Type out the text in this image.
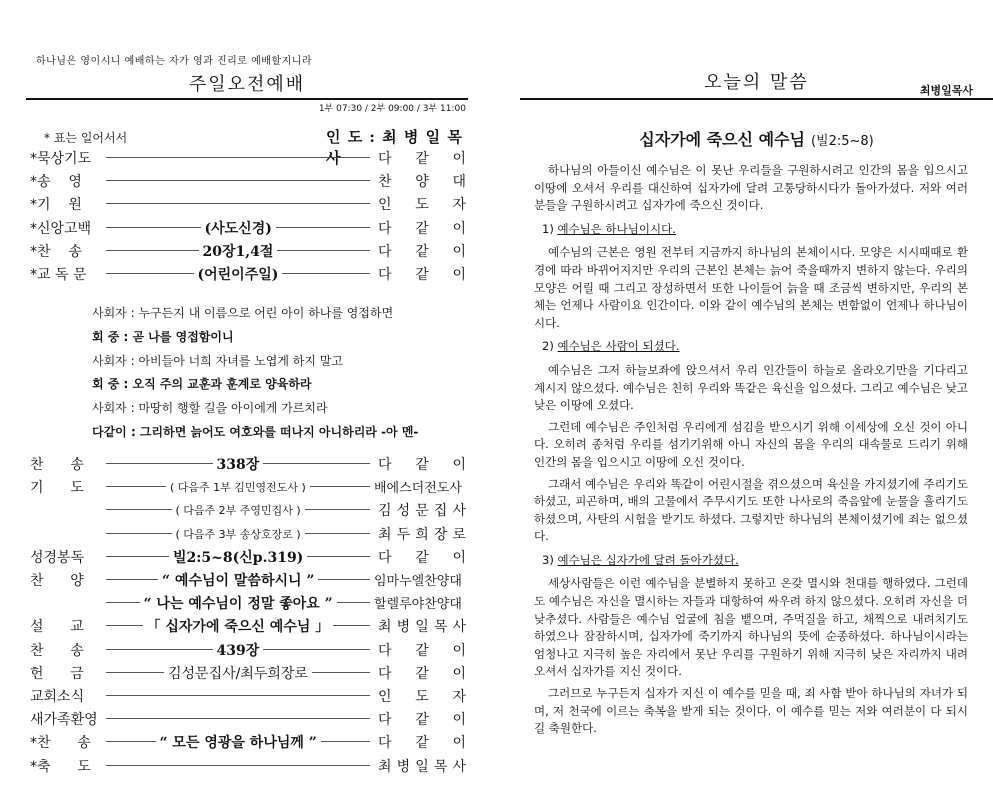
하나님은 영이시니 예배하는 자가 영과 진리로 예배할지니라
주일오전예배
1부 07:30 / 2부 09:00 / 3부 11:00
* 표는 일어서서	인 도 : 최 병 일 목 사
*묵상기도	다 같 이
*송    영	찬 양 대
*기    원	인 도 자
*신앙고백	(사도신경)	다 같 이
*찬    송	20장1,4절	다 같 이
*교 독 문	(어린이주일)	다 같 이
사회자 : 누구든지 내 이름으로 어린 아이 하나를 영접하면
회 중 : 곧 나를 영접함이니
사회자 : 아비들아 너희 자녀를 노엽게 하지 말고
회 중 : 오직 주의 교훈과 훈계로 양육하라
사회자 : 마땅히 행할 길을 아이에게 가르치라
다같이 : 그리하면 늙어도 여호와를 떠나지 아니하리라 -아 멘-
찬      송	338장	다 같 이
기      도	( 다음주 1부 김민영전도사 )	배에스더전도사
( 다음주 2부 주영민집사 )	김 성 문 집 사
( 다음주 3부 송상호장로 )	최 두 희 장 로
성경봉독	빌2:5~8(신p.319)	다 같 이
찬      양	“ 예수님이 말씀하시니 ”	임마누엘찬양대
“ 나는 예수님이 정말 좋아요 ”	할렐루야찬양대
설      교	「 십자가에 죽으신 예수님 」	최 병 일 목 사
찬      송	439장	다 같 이
헌      금	김성문집사/최두희장로	다 같 이
교회소식	인 도 자
새가족환영	다 같 이
*찬      송	“ 모든 영광을 하나님께 ”	다 같 이
*축      도	최 병 일 목 사
오늘의 말씀	최병일목사
십자가에 죽으신 예수님 (빌2:5~8)

하나님의 아들이신 예수님은 이 못난 우리들을 구원하시려고 인간의 몸을 입으시고 이땅에 오셔서 우리를 대신하여 십자가에 달려 고통당하시다가 돌아가셨다. 저와 여러분들을 구원하시려고 십자가에 죽으신 것이다.

1) 예수님은 하나님이시다.

예수님의 근본은 영원 전부터 지금까지 하나님의 본체이시다. 모양은 시시때때로 환경에 따라 바뀌어지지만 우리의 근본인 본체는 늙어 죽을때까지 변하지 않는다. 우리의 모양은 어릴 때 그리고 장성하면서 또한 나이들어 늙을 때 조금씩 변하지만, 우리의 본체는 언제나 사람이요 인간이다. 이와 같이 예수님의 본체는 변함없이 언제나 하나님이시다.

2) 예수님은 사람이 되셨다.

예수님은 그저 하늘보좌에 앉으셔서 우리 인간들이 하늘로 올라오기만을 기다리고 계시지 않으셨다. 예수님은 친히 우리와 똑같은 육신을 입으셨다. 그리고 예수님은 낮고 낮은 이땅에 오셨다.

그런데 예수님은 주인처럼 우리에게 섬김을 받으시기 위해 이세상에 오신 것이 아니다. 오히려 종처럼 우리를 섬기기위해 아니 자신의 몸을 우리의 대속물로 드리기 위해 인간의 몸을 입으시고 이땅에 오신 것이다.

그래서 예수님은 우리와 똑같이 어린시절을 겪으셨으며 육신을 가지셨기에 주리기도 하셨고, 피곤하며, 배의 고물에서 주무시기도 또한 나사로의 죽음앞에 눈물을 흘리기도 하셨으며, 사탄의 시험을 받기도 하셨다. 그렇지만 하나님의 본체이셨기에 죄는 없으셨다.

3) 예수님은 십자가에 달려 돌아가셨다.

세상사람들은 이런 예수님을 분별하지 못하고 온갖 멸시와 천대를 행하였다. 그런데도 예수님은 자신을 멸시하는 자들과 대항하여 싸우려 하지 않으셨다. 오히려 자신을 더 낮추셨다. 사람들은 예수님 얼굴에 침을 뱉으며, 주먹질을 하고, 채찍으로 내려치기도 하였으나 잠잠하시며, 십자가에 죽기까지 하나님의 뜻에 순종하셨다. 하나님이시라는 엄청나고 지극히 높은 자리에서 못난 우리를 구원하기 위해 지극히 낮은 자리까지 내려오셔서 십자가를 지신 것이다.

그러므로 누구든지 십자가 지신 이 예수를 믿을 때, 죄 사함 받아 하나님의 자녀가 되며, 저 천국에 이르는 축복을 받게 되는 것이다. 이 예수를 믿는 저와 여러분이 다 되시길 축원한다.
